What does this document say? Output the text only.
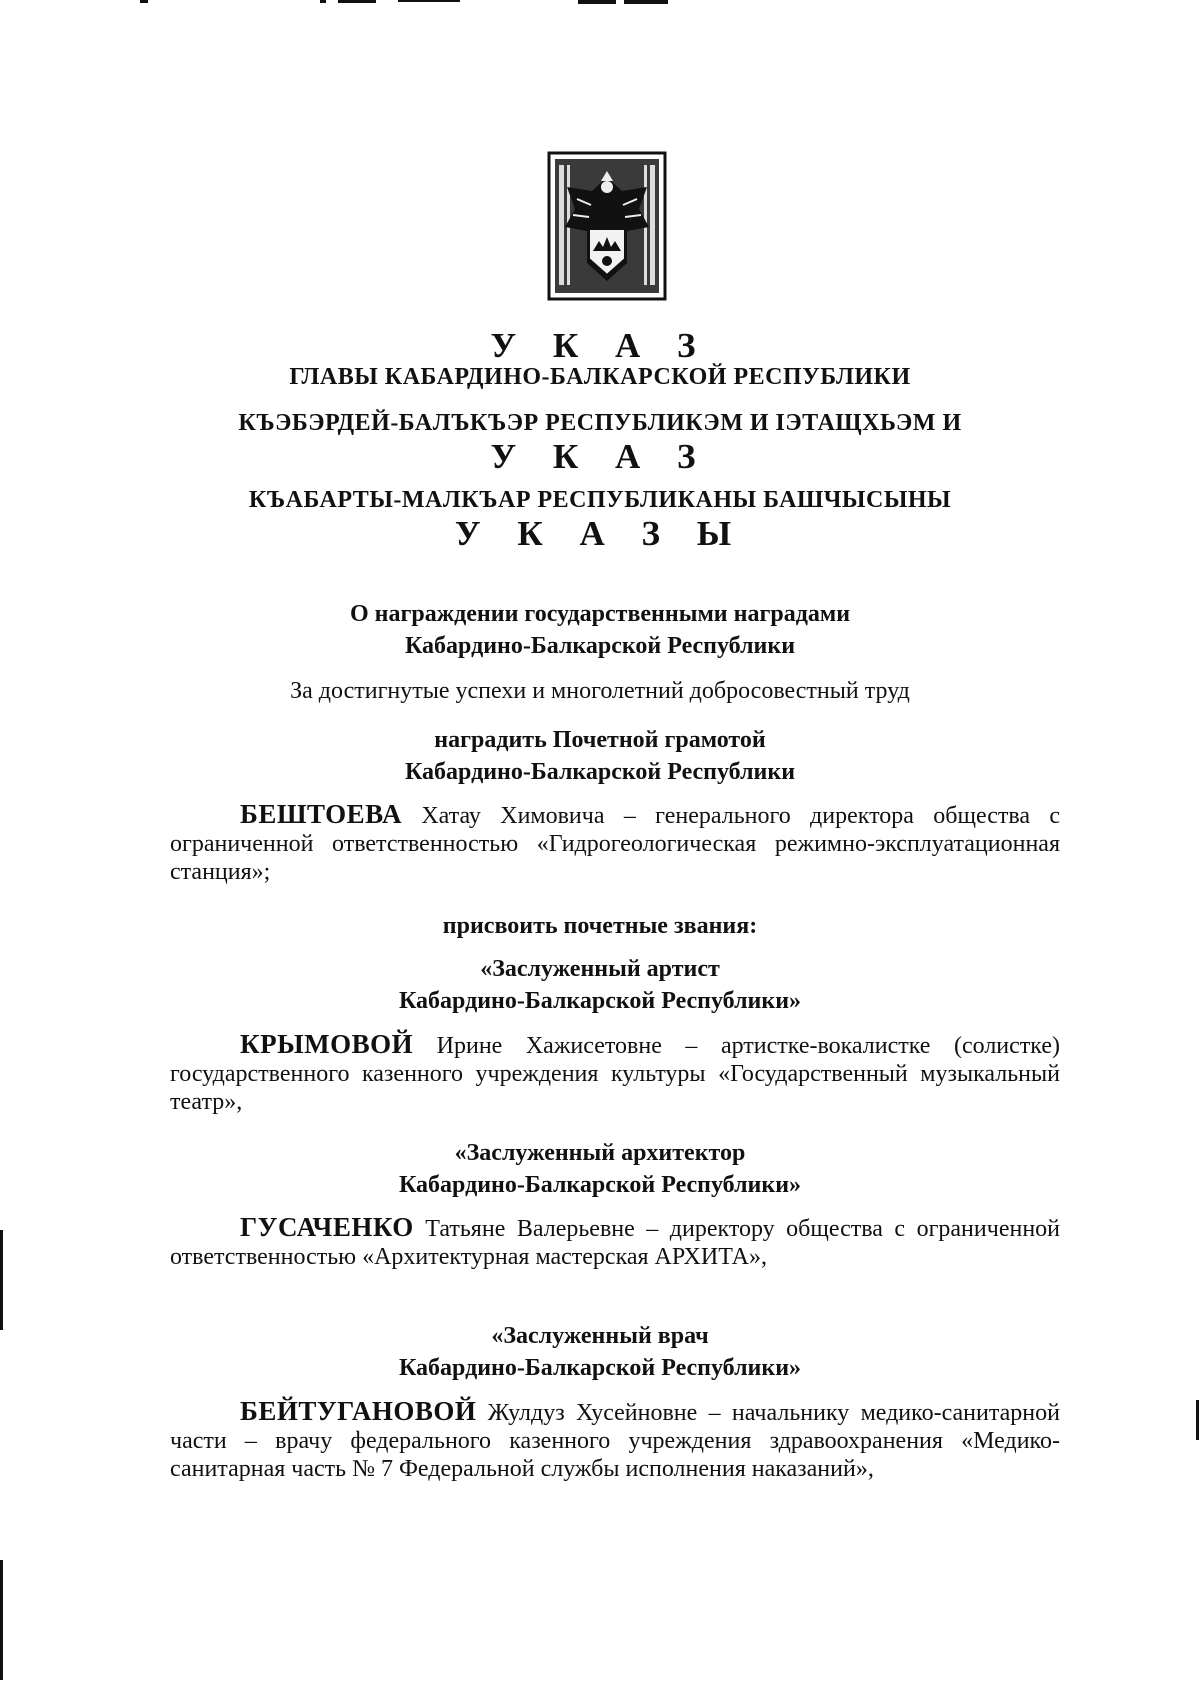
У К А З
ГЛАВЫ КАБАРДИНО-БАЛКАРСКОЙ РЕСПУБЛИКИ
КЪЭБЭРДЕЙ-БАЛЪКЪЭР РЕСПУБЛИКЭМ И IЭТАЩХЬЭМ И
У К А З
КЪАБАРТЫ-МАЛКЪАР РЕСПУБЛИКАНЫ БАШЧЫСЫНЫ
У К А З Ы
О награждении государственными наградами
Кабардино-Балкарской Республики
За достигнутые успехи и многолетний добросовестный труд
наградить Почетной грамотой
Кабардино-Балкарской Республики
БЕШТОЕВА Хатау Химовича – генерального директора общества с ограниченной ответственностью «Гидрогеологическая режимно-эксплуатационная станция»;
присвоить почетные звания:
«Заслуженный артист
Кабардино-Балкарской Республики»
КРЫМОВОЙ Ирине Хажисетовне – артистке-вокалистке (солистке) государственного казенного учреждения культуры «Государственный музыкальный театр»,
«Заслуженный архитектор
Кабардино-Балкарской Республики»
ГУСАЧЕНКО Татьяне Валерьевне – директору общества с ограниченной ответственностью «Архитектурная мастерская АРХИТА»,
«Заслуженный врач
Кабардино-Балкарской Республики»
БЕЙТУГАНОВОЙ Жулдуз Хусейновне – начальнику медико-санитарной части – врачу федерального казенного учреждения здравоохранения «Медико-санитарная часть № 7 Федеральной службы исполнения наказаний»,
